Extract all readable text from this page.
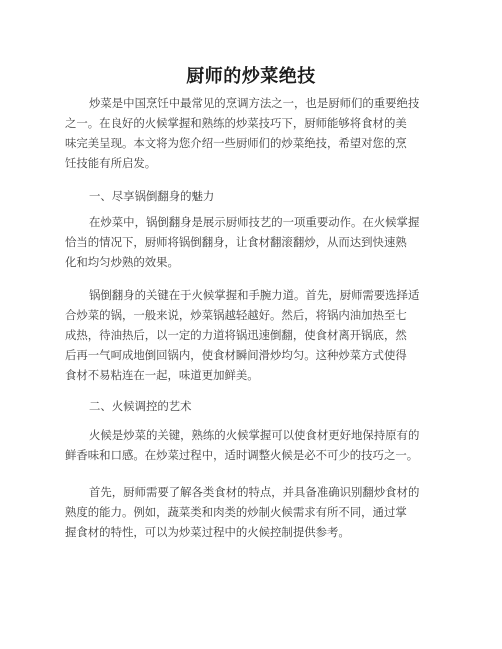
厨师的炒菜绝技
炒菜是中国烹饪中最常见的烹调方法之一，也是厨师们的重要绝技
之一。在良好的火候掌握和熟练的炒菜技巧下，厨师能够将食材的美
味完美呈现。本文将为您介绍一些厨师们的炒菜绝技，希望对您的烹
饪技能有所启发。
一、尽享锅倒翻身的魅力
在炒菜中，锅倒翻身是展示厨师技艺的一项重要动作。在火候掌握
恰当的情况下，厨师将锅倒翻身，让食材翻滚翻炒，从而达到快速熟
化和均匀炒熟的效果。
锅倒翻身的关键在于火候掌握和手腕力道。首先，厨师需要选择适
合炒菜的锅，一般来说，炒菜锅越轻越好。然后，将锅内油加热至七
成热，待油热后，以一定的力道将锅迅速倒翻，使食材离开锅底，然
后再一气呵成地倒回锅内，使食材瞬间滑炒均匀。这种炒菜方式使得
食材不易粘连在一起，味道更加鲜美。
二、火候调控的艺术
火候是炒菜的关键，熟练的火候掌握可以使食材更好地保持原有的
鲜香味和口感。在炒菜过程中，适时调整火候是必不可少的技巧之一。
首先，厨师需要了解各类食材的特点，并具备准确识别翻炒食材的
熟度的能力。例如，蔬菜类和肉类的炒制火候需求有所不同，通过掌
握食材的特性，可以为炒菜过程中的火候控制提供参考。
